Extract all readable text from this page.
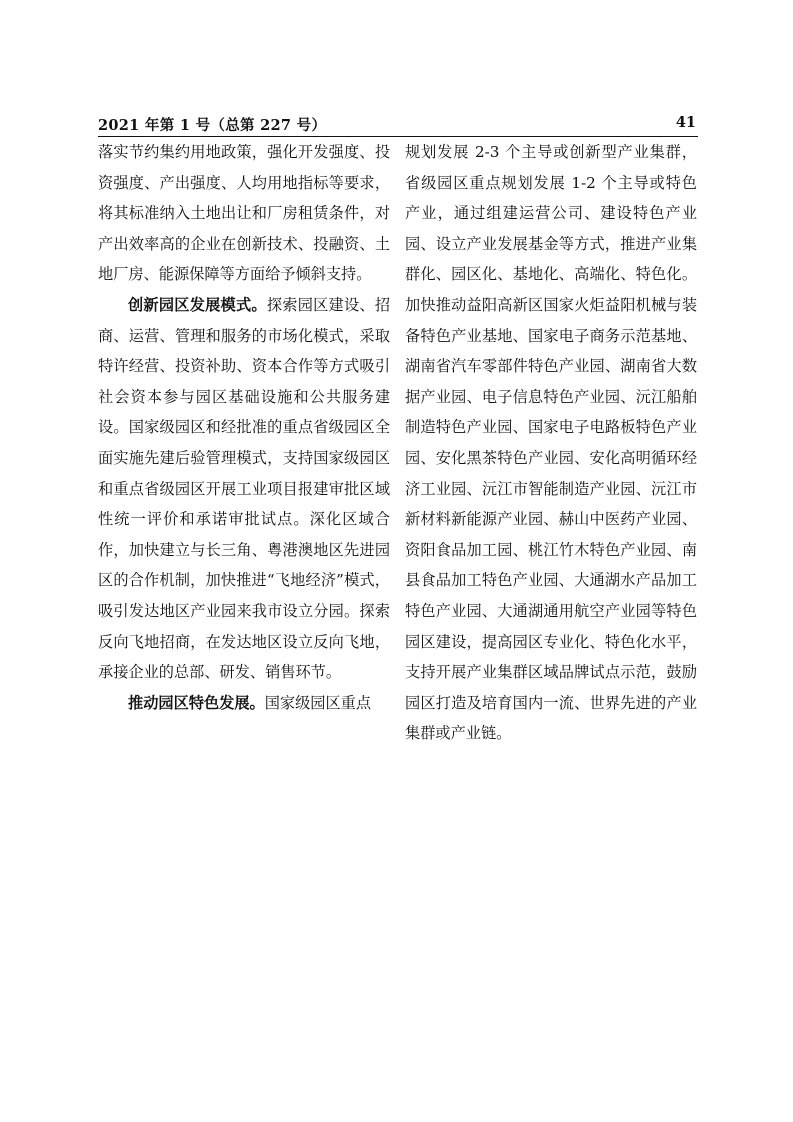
2021 年第 1 号（总第 227 号）	41

落实节约集约用地政策，强化开发强度、投资强度、产出强度、人均用地指标等要求，将其标准纳入土地出让和厂房租赁条件，对产出效率高的企业在创新技术、投融资、土地厂房、能源保障等方面给予倾斜支持。

创新园区发展模式。探索园区建设、招商、运营、管理和服务的市场化模式，采取特许经营、投资补助、资本合作等方式吸引社会资本参与园区基础设施和公共服务建设。国家级园区和经批准的重点省级园区全面实施先建后验管理模式，支持国家级园区和重点省级园区开展工业项目报建审批区域性统一评价和承诺审批试点。深化区域合作，加快建立与长三角、粤港澳地区先进园区的合作机制，加快推进“飞地经济”模式，吸引发达地区产业园来我市设立分园。探索反向飞地招商，在发达地区设立反向飞地，承接企业的总部、研发、销售环节。

推动园区特色发展。国家级园区重点

规划发展 2-3 个主导或创新型产业集群，省级园区重点规划发展 1-2 个主导或特色产业，通过组建运营公司、建设特色产业园、设立产业发展基金等方式，推进产业集群化、园区化、基地化、高端化、特色化。加快推动益阳高新区国家火炬益阳机械与装备特色产业基地、国家电子商务示范基地、湖南省汽车零部件特色产业园、湖南省大数据产业园、电子信息特色产业园、沅江船舶制造特色产业园、国家电子电路板特色产业园、安化黑茶特色产业园、安化高明循环经济工业园、沅江市智能制造产业园、沅江市新材料新能源产业园、赫山中医药产业园、资阳食品加工园、桃江竹木特色产业园、南县食品加工特色产业园、大通湖水产品加工特色产业园、大通湖通用航空产业园等特色园区建设，提高园区专业化、特色化水平，支持开展产业集群区域品牌试点示范，鼓励园区打造及培育国内一流、世界先进的产业集群或产业链。
